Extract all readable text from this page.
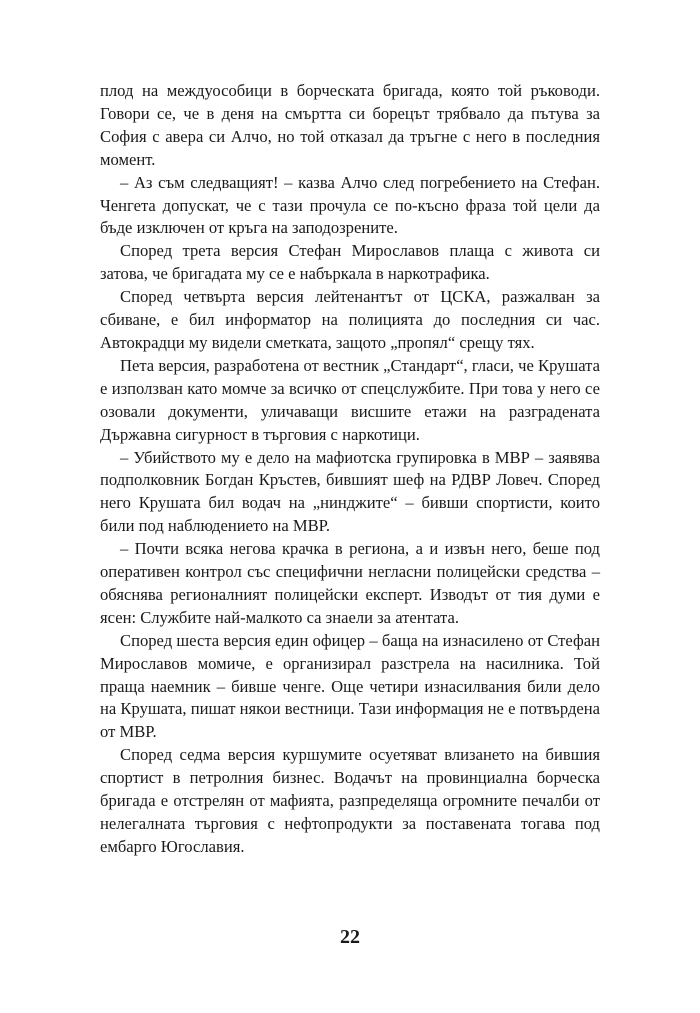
плод на междуособици в борческата бригада, която той ръководи. Говори се, че в деня на смъртта си борецът трябвало да пътува за София с авера си Алчо, но той отказал да тръгне с него в последния момент.

– Аз съм следващият! – казва Алчо след погребението на Стефан. Ченгета допускат, че с тази прочула се по-късно фраза той цели да бъде изключен от кръга на заподозрените.

Според трета версия Стефан Мирославов плаща с живота си затова, че бригадата му се е набъркала в наркотрафика.

Според четвърта версия лейтенантът от ЦСКА, разжалван за сбиване, е бил информатор на полицията до последния си час. Автокрадци му видели сметката, защото „пропял“ срещу тях.

Пета версия, разработена от вестник „Стандарт“, гласи, че Крушата е използван като момче за всичко от спецслужбите. При това у него се озовали документи, уличаващи висшите етажи на разградената Държавна сигурност в търговия с наркотици.

– Убийството му е дело на мафиотска групировка в МВР – заявява подполковник Богдан Кръстев, бившият шеф на РДВР Ловеч. Според него Крушата бил водач на „нинджите“ – бивши спортисти, които били под наблюдението на МВР.

– Почти всяка негова крачка в региона, а и извън него, беше под оперативен контрол със специфични негласни полицейски средства – обяснява регионалният полицейски експерт. Изводът от тия думи е ясен: Службите най-малкото са знаели за атентата.

Според шеста версия един офицер – баща на изнасилено от Стефан Мирославов момиче, е организирал разстрела на насилника. Той праща наемник – бивше ченге. Още четири изнасилвания били дело на Крушата, пишат някои вестници. Тази информация не е потвърдена от МВР.

Според седма версия куршумите осуетяват влизането на бившия спортист в петролния бизнес. Водачът на провинциална борческа бригада е отстрелян от мафията, разпределяща огромните печалби от нелегалната търговия с нефтопродукти за поставената тогава под ембарго Югославия.

22
